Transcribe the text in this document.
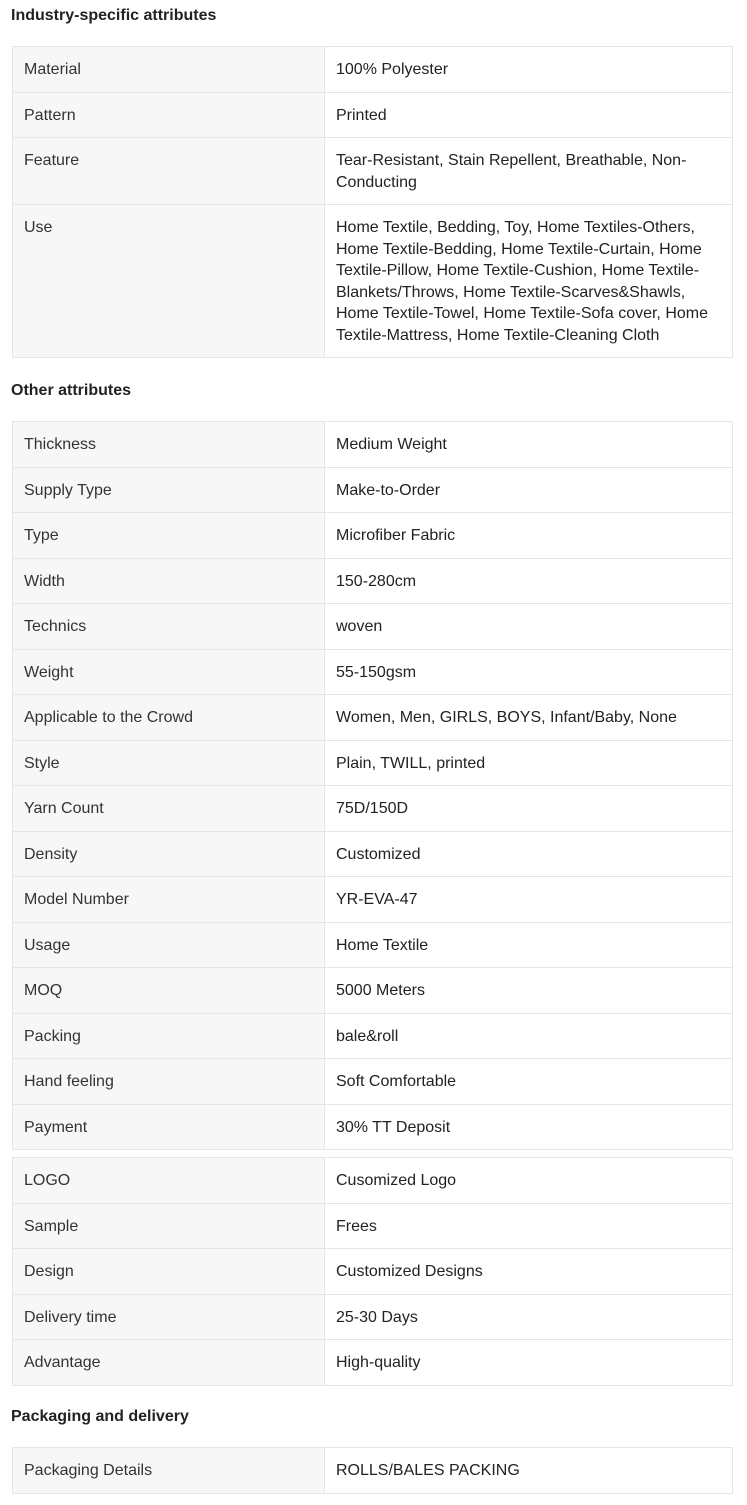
Industry-specific attributes
Material	100% Polyester
Pattern	Printed
Feature	Tear-Resistant, Stain Repellent, Breathable, Non-Conducting
Use	Home Textile, Bedding, Toy, Home Textiles-Others, Home Textile-Bedding, Home Textile-Curtain, Home Textile-Pillow, Home Textile-Cushion, Home Textile-Blankets/Throws, Home Textile-Scarves&Shawls, Home Textile-Towel, Home Textile-Sofa cover, Home Textile-Mattress, Home Textile-Cleaning Cloth
Other attributes
Thickness	Medium Weight
Supply Type	Make-to-Order
Type	Microfiber Fabric
Width	150-280cm
Technics	woven
Weight	55-150gsm
Applicable to the Crowd	Women, Men, GIRLS, BOYS, Infant/Baby, None
Style	Plain, TWILL, printed
Yarn Count	75D/150D
Density	Customized
Model Number	YR-EVA-47
Usage	Home Textile
MOQ	5000 Meters
Packing	bale&roll
Hand feeling	Soft Comfortable
Payment	30% TT Deposit
LOGO	Cusomized Logo
Sample	Frees
Design	Customized Designs
Delivery time	25-30 Days
Advantage	High-quality
Packaging and delivery
Packaging Details	ROLLS/BALES PACKING
